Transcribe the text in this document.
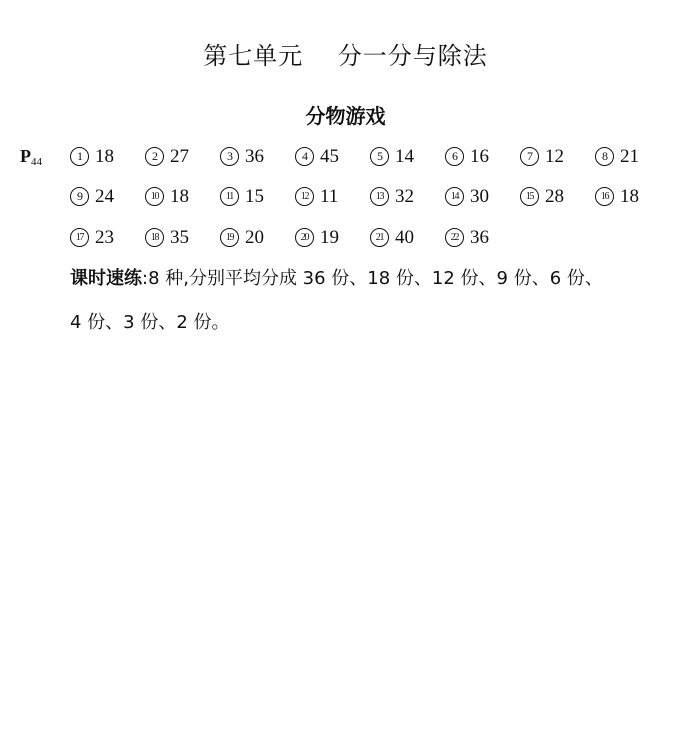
第七单元    分一分与除法
分物游戏
$P_{44}$	1 18	2 27	3 36	4 45	5 14	6 16	7 12	8 21
9 24	10 18	11 15	12 11	13 32	14 30	15 28	16 18
17 23	18 35	19 20	20 19	21 40	22 36
课时速练:8 种,分别平均分成 36 份、18 份、12 份、9 份、6 份、
4 份、3 份、2 份。
